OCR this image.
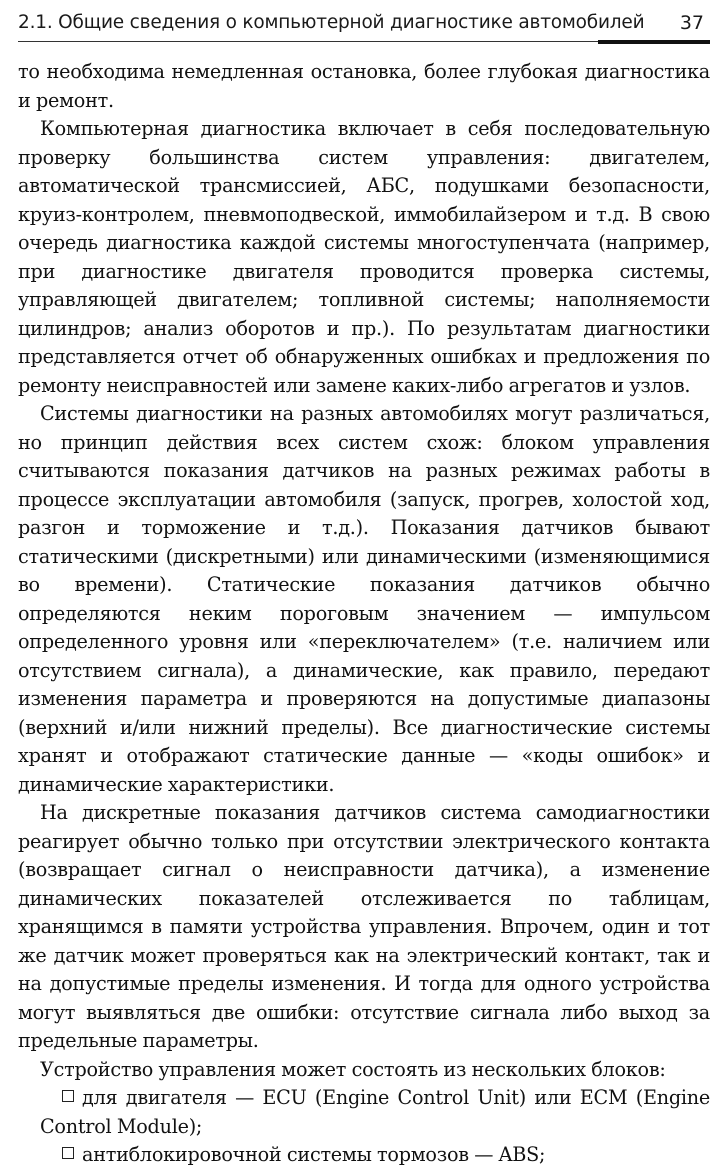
2.1. Общие сведения о компьютерной диагностике автомобилей 37

то необходима немедленная остановка, более глубокая диагностика и ремонт.

Компьютерная диагностика включает в себя последовательную проверку большинства систем управления: двигателем, автоматической трансмиссией, АБС, подушками безопасности, круиз-контролем, пневмоподвеской, иммобилайзером и т.д. В свою очередь диагностика каждой системы многоступенчата (например, при диагностике двигателя проводится проверка системы, управляющей двигателем; топливной системы; наполняемости цилиндров; анализ оборотов и пр.). По результатам диагностики представляется отчет об обнаруженных ошибках и предложения по ремонту неисправностей или замене каких-либо агрегатов и узлов.

Системы диагностики на разных автомобилях могут различаться, но принцип действия всех систем схож: блоком управления считываются показания датчиков на разных режимах работы в процессе эксплуатации автомобиля (запуск, прогрев, холостой ход, разгон и торможение и т.д.). Показания датчиков бывают статическими (дискретными) или динамическими (изменяющимися во времени). Статические показания датчиков обычно определяются неким пороговым значением — импульсом определенного уровня или «переключателем» (т.е. наличием или отсутствием сигнала), а динамические, как правило, передают изменения параметра и проверяются на допустимые диапазоны (верхний и/или нижний пределы). Все диагностические системы хранят и отображают статические данные — «коды ошибок» и динамические характеристики.

На дискретные показания датчиков система самодиагностики реагирует обычно только при отсутствии электрического контакта (возвращает сигнал о неисправности датчика), а изменение динамических показателей отслеживается по таблицам, хранящимся в памяти устройства управления. Впрочем, один и тот же датчик может проверяться как на электрический контакт, так и на допустимые пределы изменения. И тогда для одного устройства могут выявляться две ошибки: отсутствие сигнала либо выход за предельные параметры.

Устройство управления может состоять из нескольких блоков:

для двигателя — ECU (Engine Control Unit) или ECM (Engine Control Module);

антиблокировочной системы тормозов — ABS;
